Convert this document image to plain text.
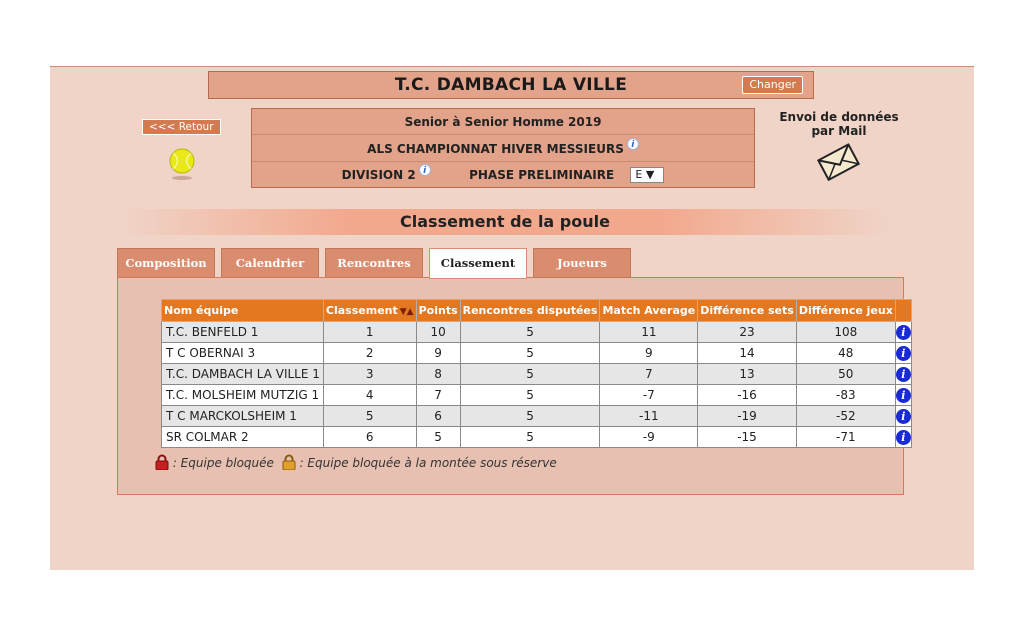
T.C. DAMBACH LA VILLE	Changer
<<< Retour	Senior à Senior Homme 2019
ALS CHAMPIONNAT HIVER MESSIEURS i
DIVISION 2 i	PHASE PRELIMINAIRE E ▼
Envoi de données
par Mail
Classement de la poule
Composition	Calendrier	Rencontres
Nom équipe	Classement ▼▲	Points	Rencontres disputées	Match Average	Différence sets	Différence jeux	
T.C. BENFELD 1	1	10	5	11	23	108	i
T C OBERNAI 3	2	9	5	9	14	48	i
T.C. DAMBACH LA VILLE 1	3	8	5	7	13	50	i
T.C. MOLSHEIM MUTZIG 1	4	7	5	-7	-16	-83	i
T C MARCKOLSHEIM 1	5	6	5	-11	-19	-52	i
SR COLMAR 2	6	5	5	-9	-15	-71	i
: Equipe bloquée : Equipe bloquée à la montée sous réserve
Classement	Joueurs
